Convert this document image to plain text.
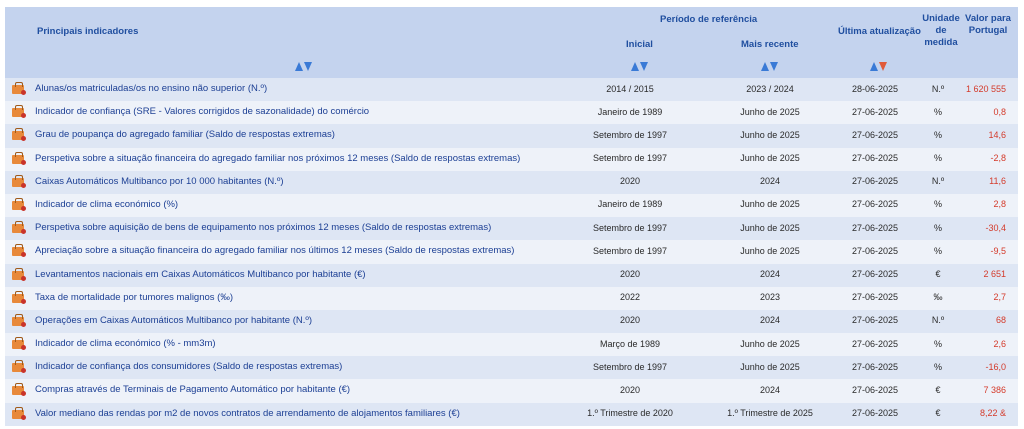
Principais indicadores
Período de referência
Inicial	Mais recente
Última atualização
Unidade de medida
Valor para Portugal
Alunas/os matriculadas/os no ensino não superior (N.º)	2014 / 2015	2023 / 2024	28-06-2025	N.º	1 620 555
Indicador de confiança (SRE - Valores corrigidos de sazonalidade) do comércio	Janeiro de 1989	Junho de 2025	27-06-2025	%	0,8
Grau de poupança do agregado familiar (Saldo de respostas extremas)	Setembro de 1997	Junho de 2025	27-06-2025	%	14,6
Perspetiva sobre a situação financeira do agregado familiar nos próximos 12 meses (Saldo de respostas extremas)	Setembro de 1997	Junho de 2025	27-06-2025	%	-2,8
Caixas Automáticos Multibanco por 10 000 habitantes (N.º)	2020	2024	27-06-2025	N.º	11,6
Indicador de clima económico (%)	Janeiro de 1989	Junho de 2025	27-06-2025	%	2,8
Perspetiva sobre aquisição de bens de equipamento nos próximos 12 meses (Saldo de respostas extremas)	Setembro de 1997	Junho de 2025	27-06-2025	%	-30,4
Apreciação sobre a situação financeira do agregado familiar nos últimos 12 meses (Saldo de respostas extremas)	Setembro de 1997	Junho de 2025	27-06-2025	%	-9,5
Levantamentos nacionais em Caixas Automáticos Multibanco por habitante (€)	2020	2024	27-06-2025	€	2 651
Taxa de mortalidade por tumores malignos (‰)	2022	2023	27-06-2025	‰	2,7
Operações em Caixas Automáticos Multibanco por habitante (N.º)	2020	2024	27-06-2025	N.º	68
Indicador de clima económico (% - mm3m)	Março de 1989	Junho de 2025	27-06-2025	%	2,6
Indicador de confiança dos consumidores (Saldo de respostas extremas)	Setembro de 1997	Junho de 2025	27-06-2025	%	-16,0
Compras através de Terminais de Pagamento Automático por habitante (€)	2020	2024	27-06-2025	€	7 386
Valor mediano das rendas por m2 de novos contratos de arrendamento de alojamentos familiares (€)	1.º Trimestre de 2020	1.º Trimestre de 2025	27-06-2025	€	8,22 &
